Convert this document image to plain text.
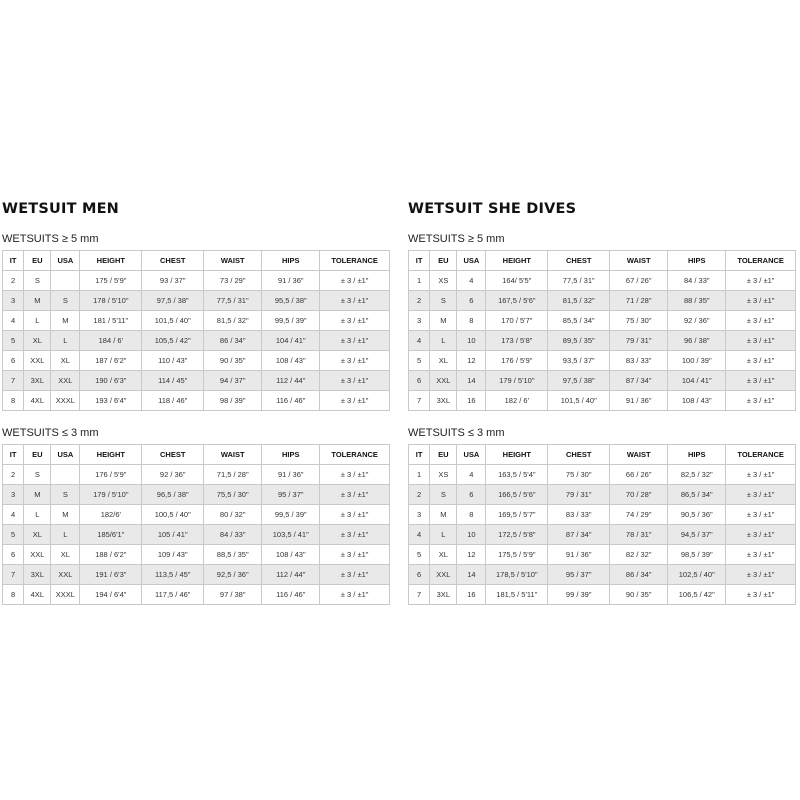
WETSUIT MEN
WETSUITS ≥ 5 mm
IT	EU	USA	HEIGHT	CHEST	WAIST	HIPS	TOLERANCE
2	S		175 / 5'9"	93 / 37"	73 / 29"	91 / 36"	± 3 / ±1"
3	M	S	178 / 5'10"	97,5 / 38"	77,5 / 31"	95,5 / 38"	± 3 / ±1"
4	L	M	181 / 5'11"	101,5 / 40"	81,5 / 32"	99,5 / 39"	± 3 / ±1"
5	XL	L	184 / 6'	105,5 / 42"	86 / 34"	104 / 41"	± 3 / ±1"
6	XXL	XL	187 / 6'2"	110 / 43"	90 / 35"	108 / 43"	± 3 / ±1"
7	3XL	XXL	190 / 6'3"	114 / 45"	94 / 37"	112 / 44"	± 3 / ±1"
8	4XL	XXXL	193 / 6'4"	118 / 46"	98 / 39"	116 / 46"	± 3 / ±1"
WETSUITS ≤ 3 mm
IT	EU	USA	HEIGHT	CHEST	WAIST	HIPS	TOLERANCE
2	S		176 / 5'9"	92 / 36"	71,5 / 28"	91 / 36"	± 3 / ±1"
3	M	S	179 / 5'10"	96,5 / 38"	75,5 / 30"	95 / 37"	± 3 / ±1"
4	L	M	182/6'	100,5 / 40"	80 / 32"	99,5 / 39"	± 3 / ±1"
5	XL	L	185/6'1"	105 / 41"	84 / 33"	103,5 / 41"	± 3 / ±1"
6	XXL	XL	188 / 6'2"	109 / 43"	88,5 / 35"	108 / 43"	± 3 / ±1"
7	3XL	XXL	191 / 6'3"	113,5 / 45"	92,5 / 36"	112 / 44"	± 3 / ±1"
8	4XL	XXXL	194 / 6'4"	117,5 / 46"	97 / 38"	116 / 46"	± 3 / ±1"
WETSUIT SHE DIVES
WETSUITS ≥ 5 mm
IT	EU	USA	HEIGHT	CHEST	WAIST	HIPS	TOLERANCE
1	XS	4	164/ 5'5"	77,5 / 31"	67 / 26"	84 / 33"	± 3 / ±1"
2	S	6	167,5 / 5'6"	81,5 / 32"	71 / 28"	88 / 35"	± 3 / ±1"
3	M	8	170 / 5'7"	85,5 / 34"	75 / 30"	92 / 36"	± 3 / ±1"
4	L	10	173 / 5'8"	89,5 / 35"	79 / 31"	96 / 38"	± 3 / ±1"
5	XL	12	176 / 5'9"	93,5 / 37"	83 / 33"	100 / 39"	± 3 / ±1"
6	XXL	14	179 / 5'10"	97,5 / 38"	87 / 34"	104 / 41"	± 3 / ±1"
7	3XL	16	182 / 6'	101,5 / 40"	91 / 36"	108 / 43"	± 3 / ±1"
WETSUITS ≤ 3 mm
IT	EU	USA	HEIGHT	CHEST	WAIST	HIPS	TOLERANCE
1	XS	4	163,5 / 5'4"	75 / 30"	66 / 26"	82,5 / 32"	± 3 / ±1"
2	S	6	166,5 / 5'6"	79 / 31"	70 / 28"	86,5 / 34"	± 3 / ±1"
3	M	8	169,5 / 5'7"	83 / 33"	74 / 29"	90,5 / 36"	± 3 / ±1"
4	L	10	172,5 / 5'8"	87 / 34"	78 / 31"	94,5 / 37"	± 3 / ±1"
5	XL	12	175,5 / 5'9"	91 / 36"	82 / 32"	98,5 / 39"	± 3 / ±1"
6	XXL	14	178,5 / 5'10"	95 / 37"	86 / 34"	102,5 / 40"	± 3 / ±1"
7	3XL	16	181,5 / 5'11"	99 / 39"	90 / 35"	106,5 / 42"	± 3 / ±1"
